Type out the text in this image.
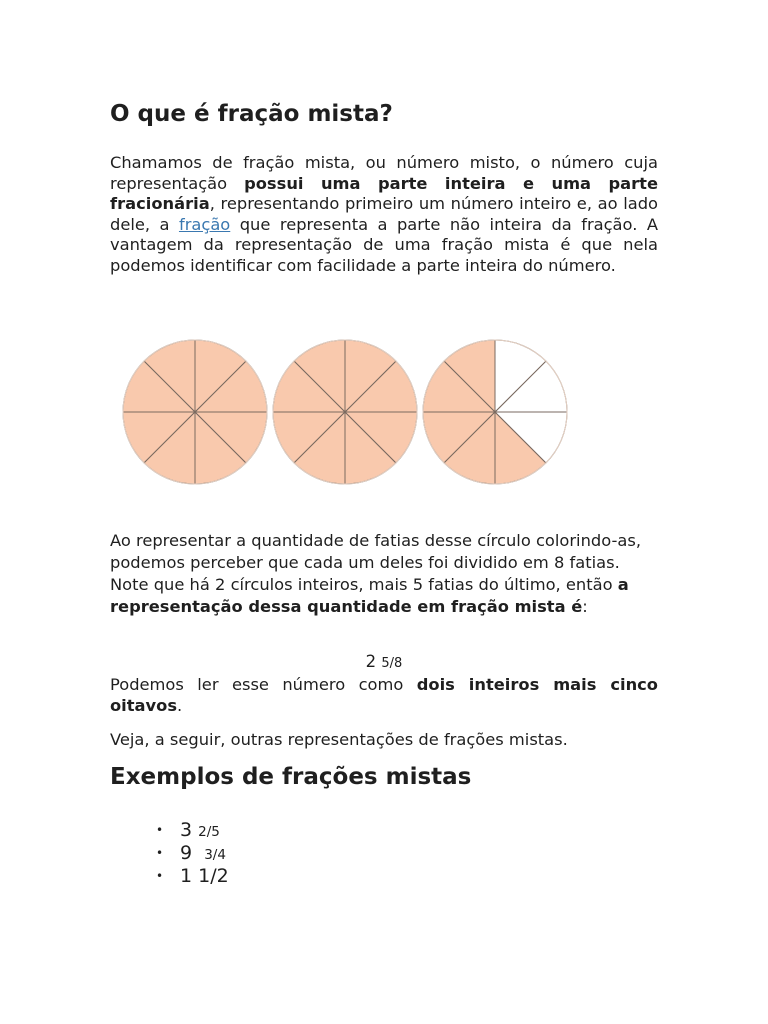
O que é fração mista?

Chamamos de fração mista, ou número misto, o número cuja representação possui uma parte inteira e uma parte fracionária, representando primeiro um número inteiro e, ao lado dele, a fração que representa a parte não inteira da fração. A vantagem da representação de uma fração mista é que nela podemos identificar com facilidade a parte inteira do número.

Ao representar a quantidade de fatias desse círculo colorindo-as, podemos perceber que cada um deles foi dividido em 8 fatias. Note que há 2 círculos inteiros, mais 5 fatias do último, então a representação dessa quantidade em fração mista é:

2 5/8

Podemos ler esse número como dois inteiros mais cinco oitavos.

Veja, a seguir, outras representações de frações mistas.

Exemplos de frações mistas
• 3 2/5
• 9 3/4
• 1 1/2
